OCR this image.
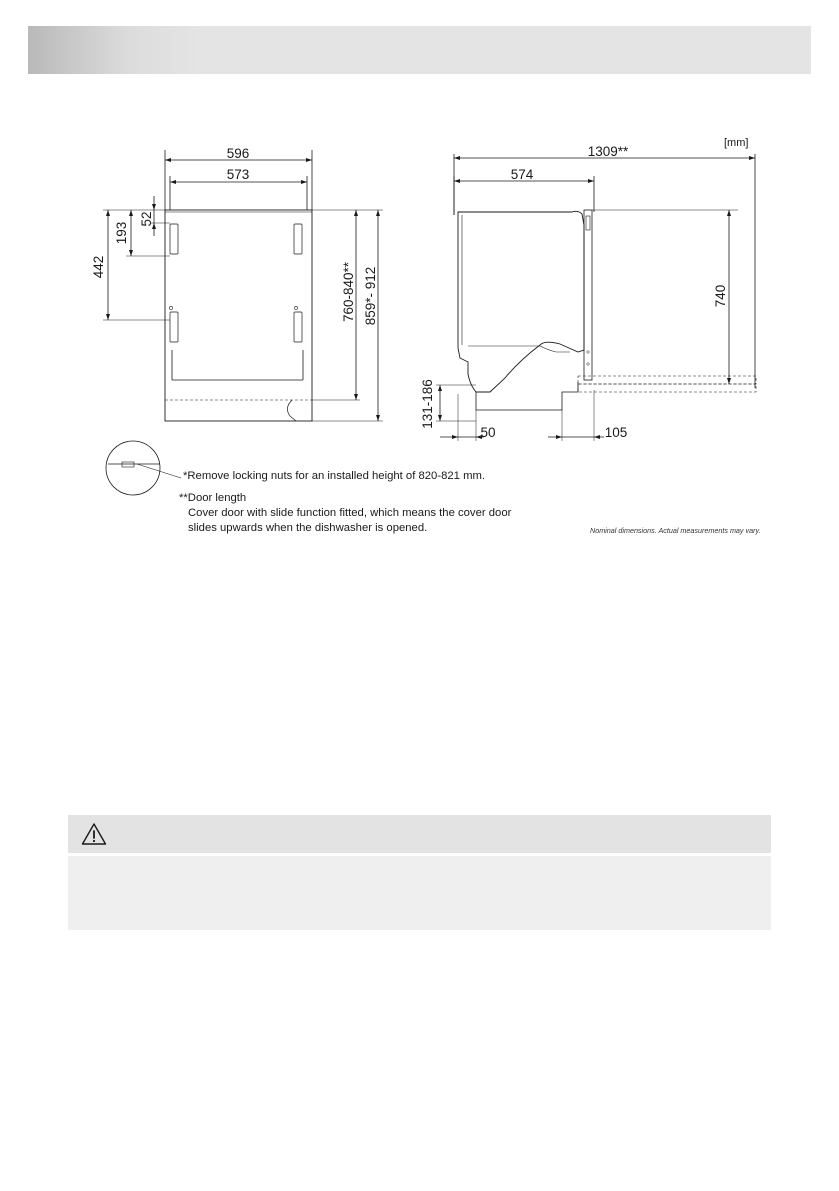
[mm]
596
573
52
193
442	760-840** 859*- 912
1309**
574
740
131-186
50	105
*Remove locking nuts for an installed height of 820-821 mm.
**Door length
Cover door with slide function fitted, which means the cover door
slides upwards when the dishwasher is opened.	Nominal dimensions. Actual measurements may vary.
